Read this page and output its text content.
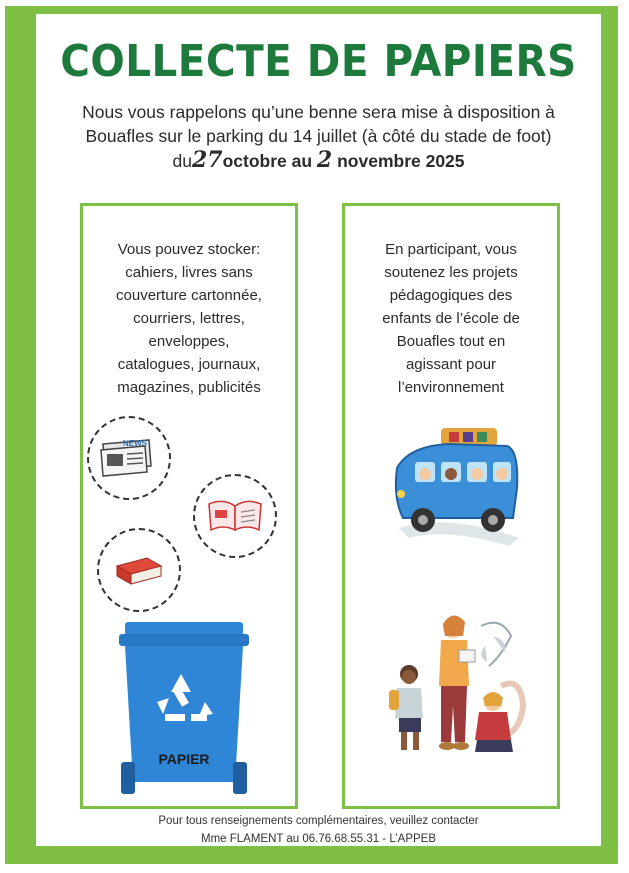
COLLECTE DE PAPIERS
Nous vous rappelons qu’une benne sera mise à disposition à Bouafles sur le parking du 14 juillet (à côté du stade de foot) du27octobre au 2 novembre 2025
Vous pouvez stocker:
cahiers, livres sans
couverture cartonnée,
courriers, lettres,
enveloppes,
catalogues, journaux,
magazines, publicités
NEWS
PAPIER
En participant, vous
soutenez les projets
pédagogiques des
enfants de l’école de
Bouafles tout en
agissant pour
l’environnement
Pour tous renseignements complémentaires, veuillez contacter
Mme FLAMENT au 06.76.68.55.31 - L’APPEB
